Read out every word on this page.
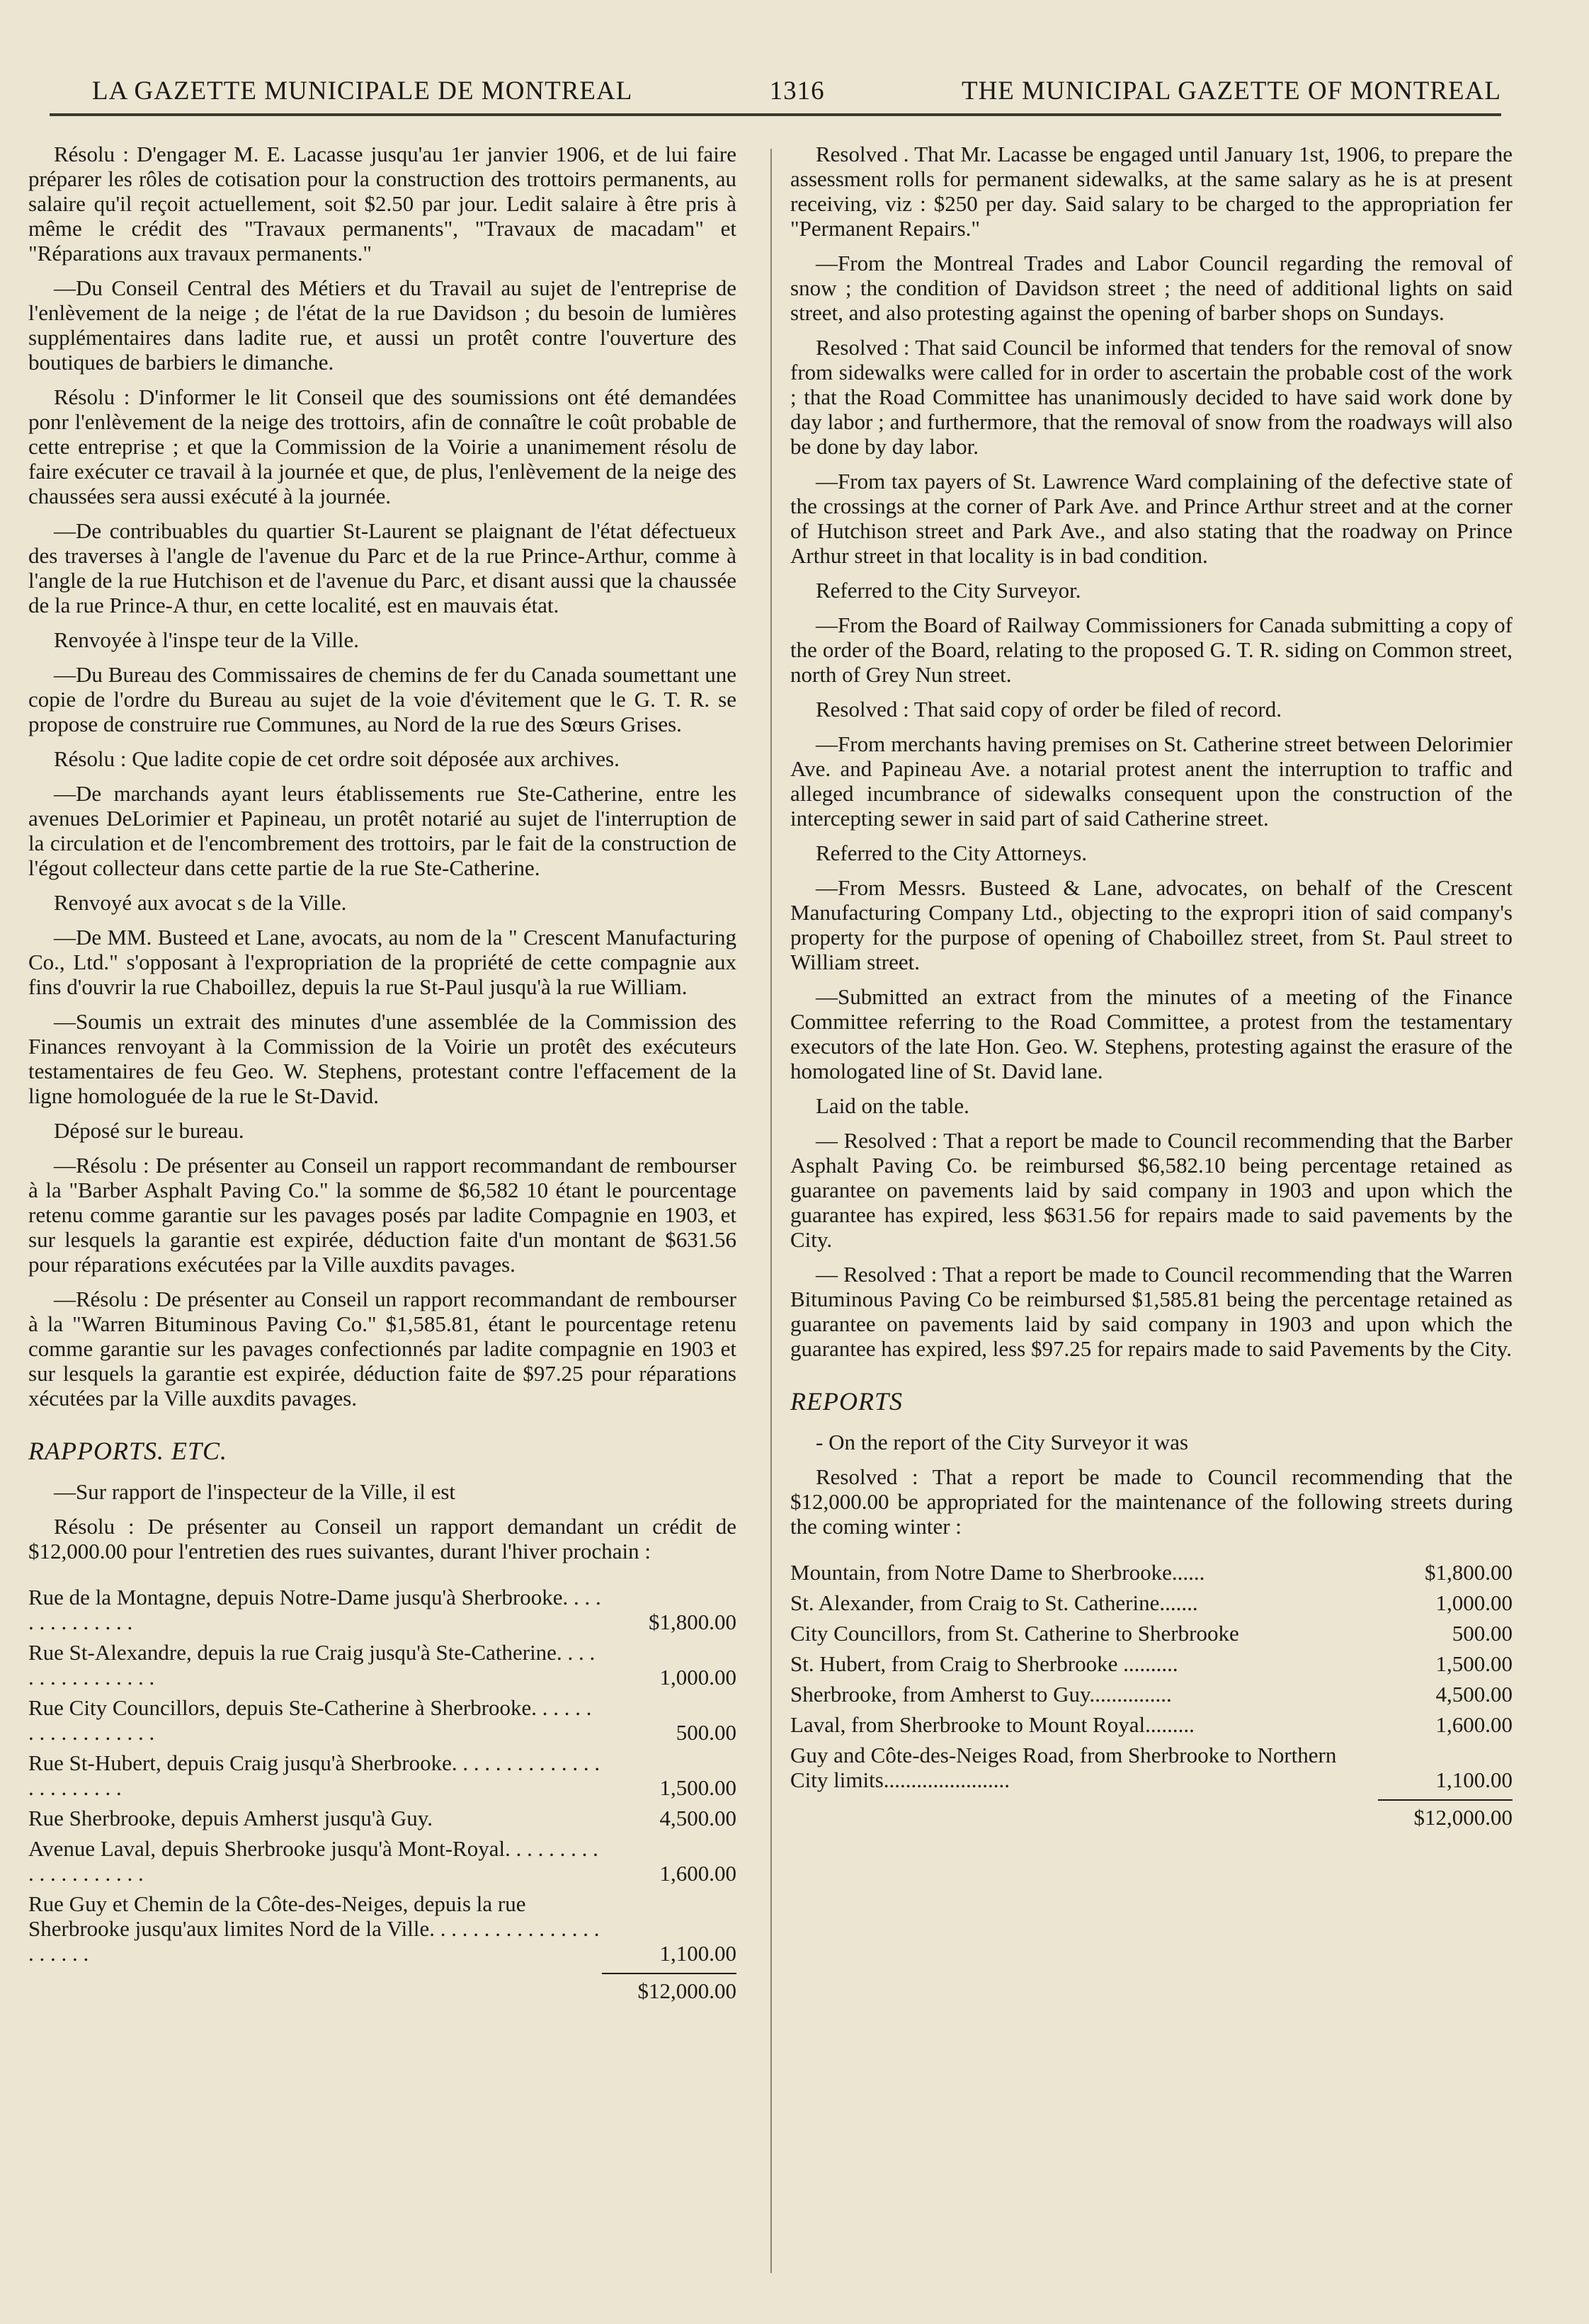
LA GAZETTE MUNICIPALE DE MONTREAL	1316	THE MUNICIPAL GAZETTE OF MONTREAL

Résolu : D'engager M. E. Lacasse jusqu'au 1er janvier 1906, et de lui faire préparer les rôles de cotisation pour la construction des trottoirs permanents, au salaire qu'il reçoit actuellement, soit $2.50 par jour. Ledit salaire à être pris à même le crédit des "Travaux permanents", "Travaux de macadam" et "Réparations aux travaux permanents."

—Du Conseil Central des Métiers et du Travail au sujet de l'entreprise de l'enlèvement de la neige ; de l'état de la rue Davidson ; du besoin de lumières supplémentaires dans ladite rue, et aussi un protêt contre l'ouverture des boutiques de barbiers le dimanche.

Résolu : D'informer le lit Conseil que des soumissions ont été demandées ponr l'enlèvement de la neige des trottoirs, afin de connaître le coût probable de cette entreprise ; et que la Commission de la Voirie a unanimement résolu de faire exécuter ce travail à la journée et que, de plus, l'enlèvement de la neige des chaussées sera aussi exécuté à la journée.

—De contribuables du quartier St-Laurent se plaignant de l'état défectueux des traverses à l'angle de l'avenue du Parc et de la rue Prince-Arthur, comme à l'angle de la rue Hutchison et de l'avenue du Parc, et disant aussi que la chaussée de la rue Prince-A thur, en cette localité, est en mauvais état.

Renvoyée à l'inspe teur de la Ville.

—Du Bureau des Commissaires de chemins de fer du Canada soumettant une copie de l'ordre du Bureau au sujet de la voie d'évitement que le G. T. R. se propose de construire rue Communes, au Nord de la rue des Sœurs Grises.

Résolu : Que ladite copie de cet ordre soit déposée aux archives.

—De marchands ayant leurs établissements rue Ste-Catherine, entre les avenues DeLorimier et Papineau, un protêt notarié au sujet de l'interruption de la circulation et de l'encombrement des trottoirs, par le fait de la construction de l'égout collecteur dans cette partie de la rue Ste-Catherine.

Renvoyé aux avocat s de la Ville.

—De MM. Busteed et Lane, avocats, au nom de la " Crescent Manufacturing Co., Ltd." s'opposant à l'expropriation de la propriété de cette compagnie aux fins d'ouvrir la rue Chaboillez, depuis la rue St-Paul jusqu'à la rue William.

—Soumis un extrait des minutes d'une assemblée de la Commission des Finances renvoyant à la Commission de la Voirie un protêt des exécuteurs testamentaires de feu Geo. W. Stephens, protestant contre l'effacement de la ligne homologuée de la rue le St-David.

Déposé sur le bureau.

—Résolu : De présenter au Conseil un rapport recommandant de rembourser à la "Barber Asphalt Paving Co." la somme de $6,582 10 étant le pourcentage retenu comme garantie sur les pavages posés par ladite Compagnie en 1903, et sur lesquels la garantie est expirée, déduction faite d'un montant de $631.56 pour réparations exécutées par la Ville auxdits pavages.

—Résolu : De présenter au Conseil un rapport recommandant de rembourser à la "Warren Bituminous Paving Co." $1,585.81, étant le pourcentage retenu comme garantie sur les pavages confectionnés par ladite compagnie en 1903 et sur lesquels la garantie est expirée, déduction faite de $97.25 pour réparations xécutées par la Ville auxdits pavages.

RAPPORTS. ETC.

—Sur rapport de l'inspecteur de la Ville, il est

Résolu : De présenter au Conseil un rapport demandant un crédit de $12,000.00 pour l'entretien des rues suivantes, durant l'hiver prochain :

Rue de la Montagne, depuis Notre-Dame jusqu'à Sherbrooke. . . . . . . . . . . . . .	$1,800.00
Rue St-Alexandre, depuis la rue Craig jusqu'à Ste-Catherine. . . . . . . . . . . . . . . .	1,000.00
Rue City Councillors, depuis Ste-Catherine à Sherbrooke. . . . . . . . . . . . . . . . . .	500.00
Rue St-Hubert, depuis Craig jusqu'à Sherbrooke. . . . . . . . . . . . . . . . . . . . . . .	1,500.00
Rue Sherbrooke, depuis Amherst jusqu'à Guy.	4,500.00
Avenue Laval, depuis Sherbrooke jusqu'à Mont-Royal. . . . . . . . . . . . . . . . . . . .	1,600.00
Rue Guy et Chemin de la Côte-des-Neiges, depuis la rue Sherbrooke jusqu'aux limites Nord de la Ville. . . . . . . . . . . . . . . . . . . . . .	1,100.00
$12,000.00

Resolved . That Mr. Lacasse be engaged until January 1st, 1906, to prepare the assessment rolls for permanent sidewalks, at the same salary as he is at present receiving, viz : $250 per day. Said salary to be charged to the appropriation fer "Permanent Repairs."

—From the Montreal Trades and Labor Council regarding the removal of snow ; the condition of Davidson street ; the need of additional lights on said street, and also protesting against the opening of barber shops on Sundays.

Resolved : That said Council be informed that tenders for the removal of snow from sidewalks were called for in order to ascertain the probable cost of the work ; that the Road Committee has unanimously decided to have said work done by day labor ; and furthermore, that the removal of snow from the roadways will also be done by day labor.

—From tax payers of St. Lawrence Ward complaining of the defective state of the crossings at the corner of Park Ave. and Prince Arthur street and at the corner of Hutchison street and Park Ave., and also stating that the roadway on Prince Arthur street in that locality is in bad condition.

Referred to the City Surveyor.

—From the Board of Railway Commissioners for Canada submitting a copy of the order of the Board, relating to the proposed G. T. R. siding on Common street, north of Grey Nun street.

Resolved : That said copy of order be filed of record.

—From merchants having premises on St. Catherine street between Delorimier Ave. and Papineau Ave. a notarial protest anent the interruption to traffic and alleged incumbrance of sidewalks consequent upon the construction of the intercepting sewer in said part of said Catherine street.

Referred to the City Attorneys.

—From Messrs. Busteed & Lane, advocates, on behalf of the Crescent Manufacturing Company Ltd., objecting to the expropri ition of said company's property for the purpose of opening of Chaboillez street, from St. Paul street to William street.

—Submitted an extract from the minutes of a meeting of the Finance Committee referring to the Road Committee, a protest from the testamentary executors of the late Hon. Geo. W. Stephens, protesting against the erasure of the homologated line of St. David lane.

Laid on the table.

— Resolved : That a report be made to Council recommending that the Barber Asphalt Paving Co. be reimbursed $6,582.10 being percentage retained as guarantee on pavements laid by said company in 1903 and upon which the guarantee has expired, less $631.56 for repairs made to said pavements by the City.

— Resolved : That a report be made to Council recommending that the Warren Bituminous Paving Co be reimbursed $1,585.81 being the percentage retained as guarantee on pavements laid by said company in 1903 and upon which the guarantee has expired, less $97.25 for repairs made to said Pavements by the City.

REPORTS

- On the report of the City Surveyor it was

Resolved : That a report be made to Council recommending that the $12,000.00 be appropriated for the maintenance of the following streets during the coming winter :

Mountain, from Notre Dame to Sherbrooke......	$1,800.00
St. Alexander, from Craig to St. Catherine.......	1,000.00
City Councillors, from St. Catherine to Sherbrooke	500.00
St. Hubert, from Craig to Sherbrooke ..........	1,500.00
Sherbrooke, from Amherst to Guy...............	4,500.00
Laval, from Sherbrooke to Mount Royal.........	1,600.00
Guy and Côte-des-Neiges Road, from Sherbrooke to Northern City limits.......................	1,100.00
$12,000.00
